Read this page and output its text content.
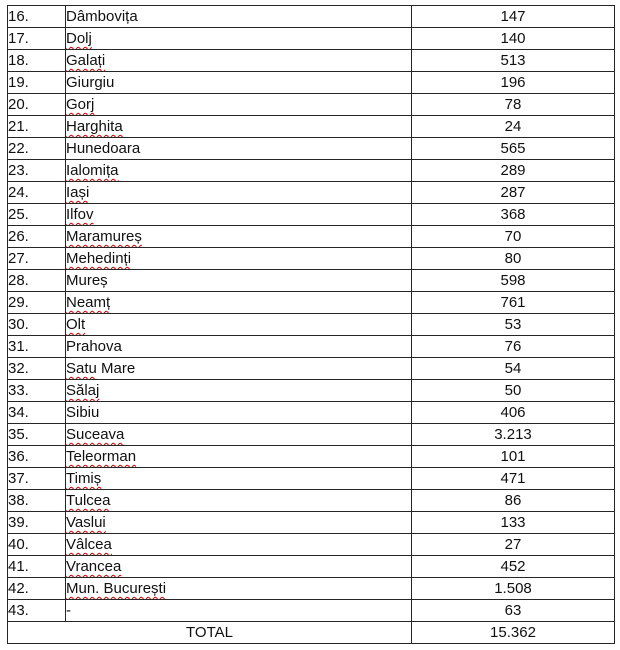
16.	Dâmbovița	147
17.	Dolj	140
18.	Galați	513
19.	Giurgiu	196
20.	Gorj	78
21.	Harghita	24
22.	Hunedoara	565
23.	Ialomița	289
24.	Iași	287
25.	Ilfov	368
26.	Maramureș	70
27.	Mehedinți	80
28.	Mureș	598
29.	Neamț	761
30.	Olt	53
31.	Prahova	76
32.	Satu Mare	54
33.	Sălaj	50
34.	Sibiu	406
35.	Suceava	3.213
36.	Teleorman	101
37.	Timiș	471
38.	Tulcea	86
39.	Vaslui	133
40.	Vâlcea	27
41.	Vrancea	452
42.	Mun. București	1.508
43.	-	63
TOTAL		15.362
